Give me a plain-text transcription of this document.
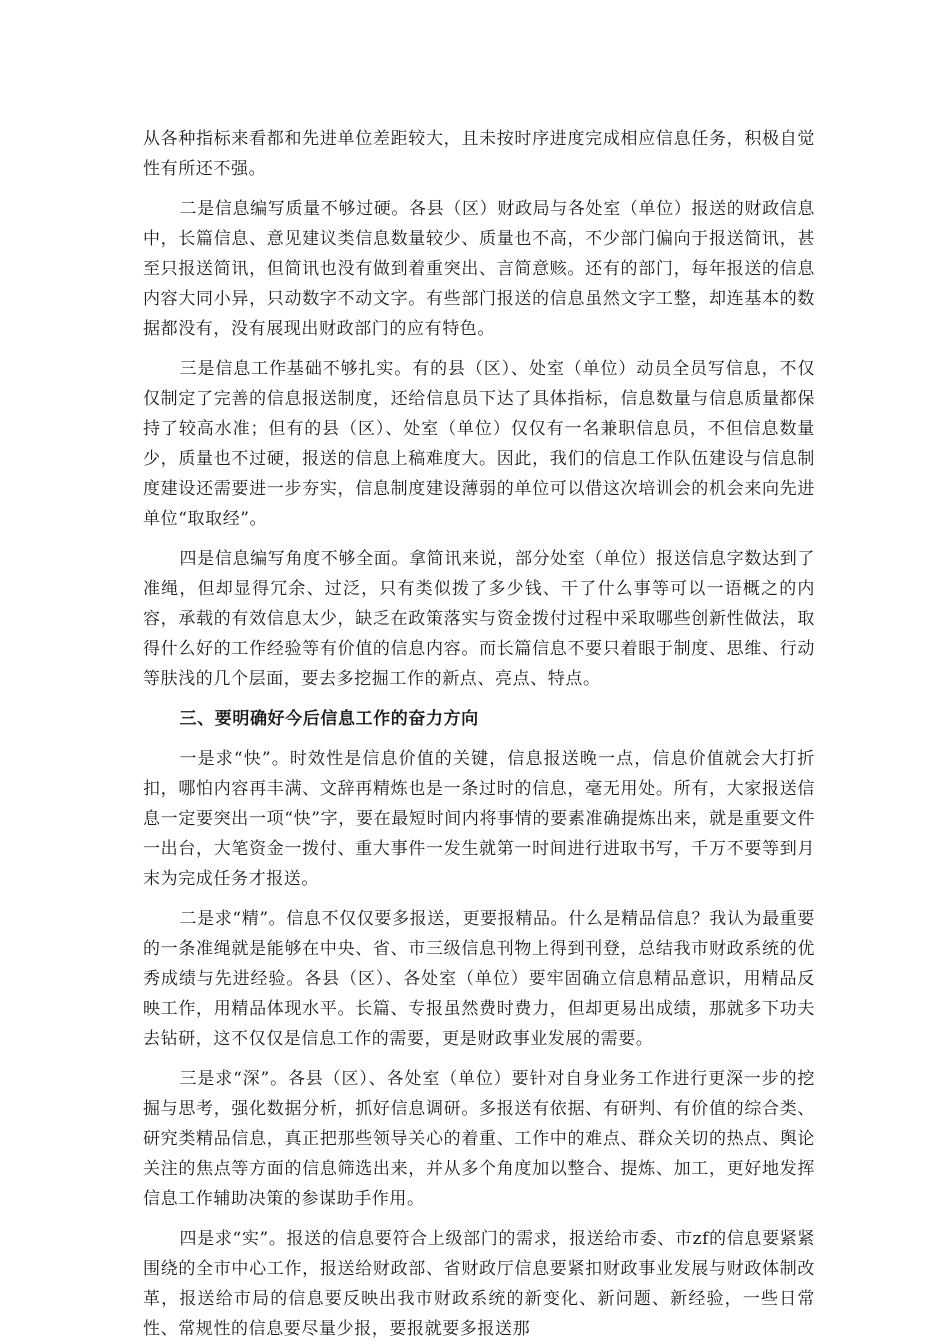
从各种指标来看都和先进单位差距较大，且未按时序进度完成相应信息任务，积极自觉性有所还不强。

二是信息编写质量不够过硬。各县（区）财政局与各处室（单位）报送的财政信息中，长篇信息、意见建议类信息数量较少、质量也不高，不少部门偏向于报送简讯，甚至只报送简讯，但简讯也没有做到着重突出、言简意赅。还有的部门，每年报送的信息内容大同小异，只动数字不动文字。有些部门报送的信息虽然文字工整，却连基本的数据都没有，没有展现出财政部门的应有特色。

三是信息工作基础不够扎实。有的县（区）、处室（单位）动员全员写信息，不仅仅制定了完善的信息报送制度，还给信息员下达了具体指标，信息数量与信息质量都保持了较高水准；但有的县（区）、处室（单位）仅仅有一名兼职信息员，不但信息数量少，质量也不过硬，报送的信息上稿难度大。因此，我们的信息工作队伍建设与信息制度建设还需要进一步夯实，信息制度建设薄弱的单位可以借这次培训会的机会来向先进单位“取取经”。

四是信息编写角度不够全面。拿简讯来说，部分处室（单位）报送信息字数达到了准绳，但却显得冗余、过泛，只有类似拨了多少钱、干了什么事等可以一语概之的内容，承载的有效信息太少，缺乏在政策落实与资金拨付过程中采取哪些创新性做法，取得什么好的工作经验等有价值的信息内容。而长篇信息不要只着眼于制度、思维、行动等肤浅的几个层面，要去多挖掘工作的新点、亮点、特点。

三、要明确好今后信息工作的奋力方向

一是求“快”。时效性是信息价值的关键，信息报送晚一点，信息价值就会大打折扣，哪怕内容再丰满、文辞再精炼也是一条过时的信息，毫无用处。所有，大家报送信息一定要突出一项“快”字，要在最短时间内将事情的要素准确提炼出来，就是重要文件一出台，大笔资金一拨付、重大事件一发生就第一时间进行进取书写，千万不要等到月末为完成任务才报送。

二是求“精”。信息不仅仅要多报送，更要报精品。什么是精品信息？我认为最重要的一条准绳就是能够在中央、省、市三级信息刊物上得到刊登，总结我市财政系统的优秀成绩与先进经验。各县（区）、各处室（单位）要牢固确立信息精品意识，用精品反映工作，用精品体现水平。长篇、专报虽然费时费力，但却更易出成绩，那就多下功夫去钻研，这不仅仅是信息工作的需要，更是财政事业发展的需要。

三是求“深”。各县（区）、各处室（单位）要针对自身业务工作进行更深一步的挖掘与思考，强化数据分析，抓好信息调研。多报送有依据、有研判、有价值的综合类、研究类精品信息，真正把那些领导关心的着重、工作中的难点、群众关切的热点、舆论关注的焦点等方面的信息筛选出来，并从多个角度加以整合、提炼、加工，更好地发挥信息工作辅助决策的参谋助手作用。

四是求“实”。报送的信息要符合上级部门的需求，报送给市委、市zf的信息要紧紧围绕的全市中心工作，报送给财政部、省财政厅信息要紧扣财政事业发展与财政体制改革，报送给市局的信息要反映出我市财政系统的新变化、新问题、新经验，一些日常性、常规性的信息要尽量少报，要报就要多报送那
